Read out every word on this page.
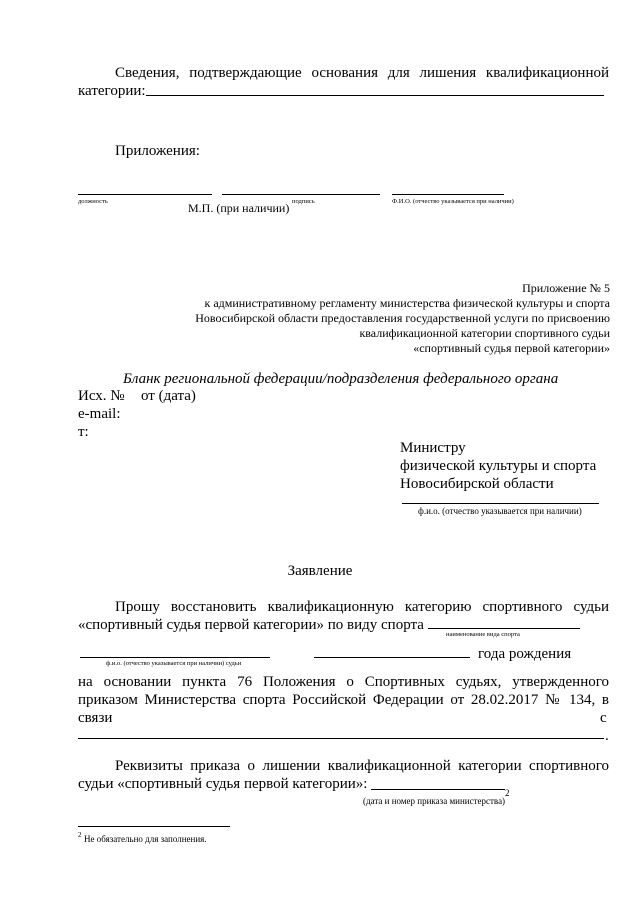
Сведения, подтверждающие основания для лишения квалификационной
категории:
Приложения:
должность	М.П. (при наличии) подпись	Ф.И.О. (отчество указывается при наличии)
Приложение № 5
к административному регламенту министерства физической культуры и спорта
Новосибирской области предоставления государственной услуги по присвоению
квалификационной категории спортивного судьи
«спортивный судья первой категории»
Бланк региональной федерации/подразделения федерального органа
Исх. № от (дата)
e-mail:
т:
Министру
физической культуры и спорта
Новосибирской области
ф.и.о. (отчество указывается при наличии)
Заявление
Прошу восстановить квалификационную категорию спортивного судьи
«спортивный судья первой категории» по виду спорта
наименование вида спорта
ф.и.о. (отчество указывается при наличии) судьи
года рождения
на основании пункта 76 Положения о Спортивных судьях, утвержденного
приказом Министерства спорта Российской Федерации от 28.02.2017 № 134, в
связи	с
.
Реквизиты приказа о лишении квалификационной категории спортивного
судьи «спортивный судья первой категории»:
2
(дата и номер приказа министерства)
2 Не обязательно для заполнения.
